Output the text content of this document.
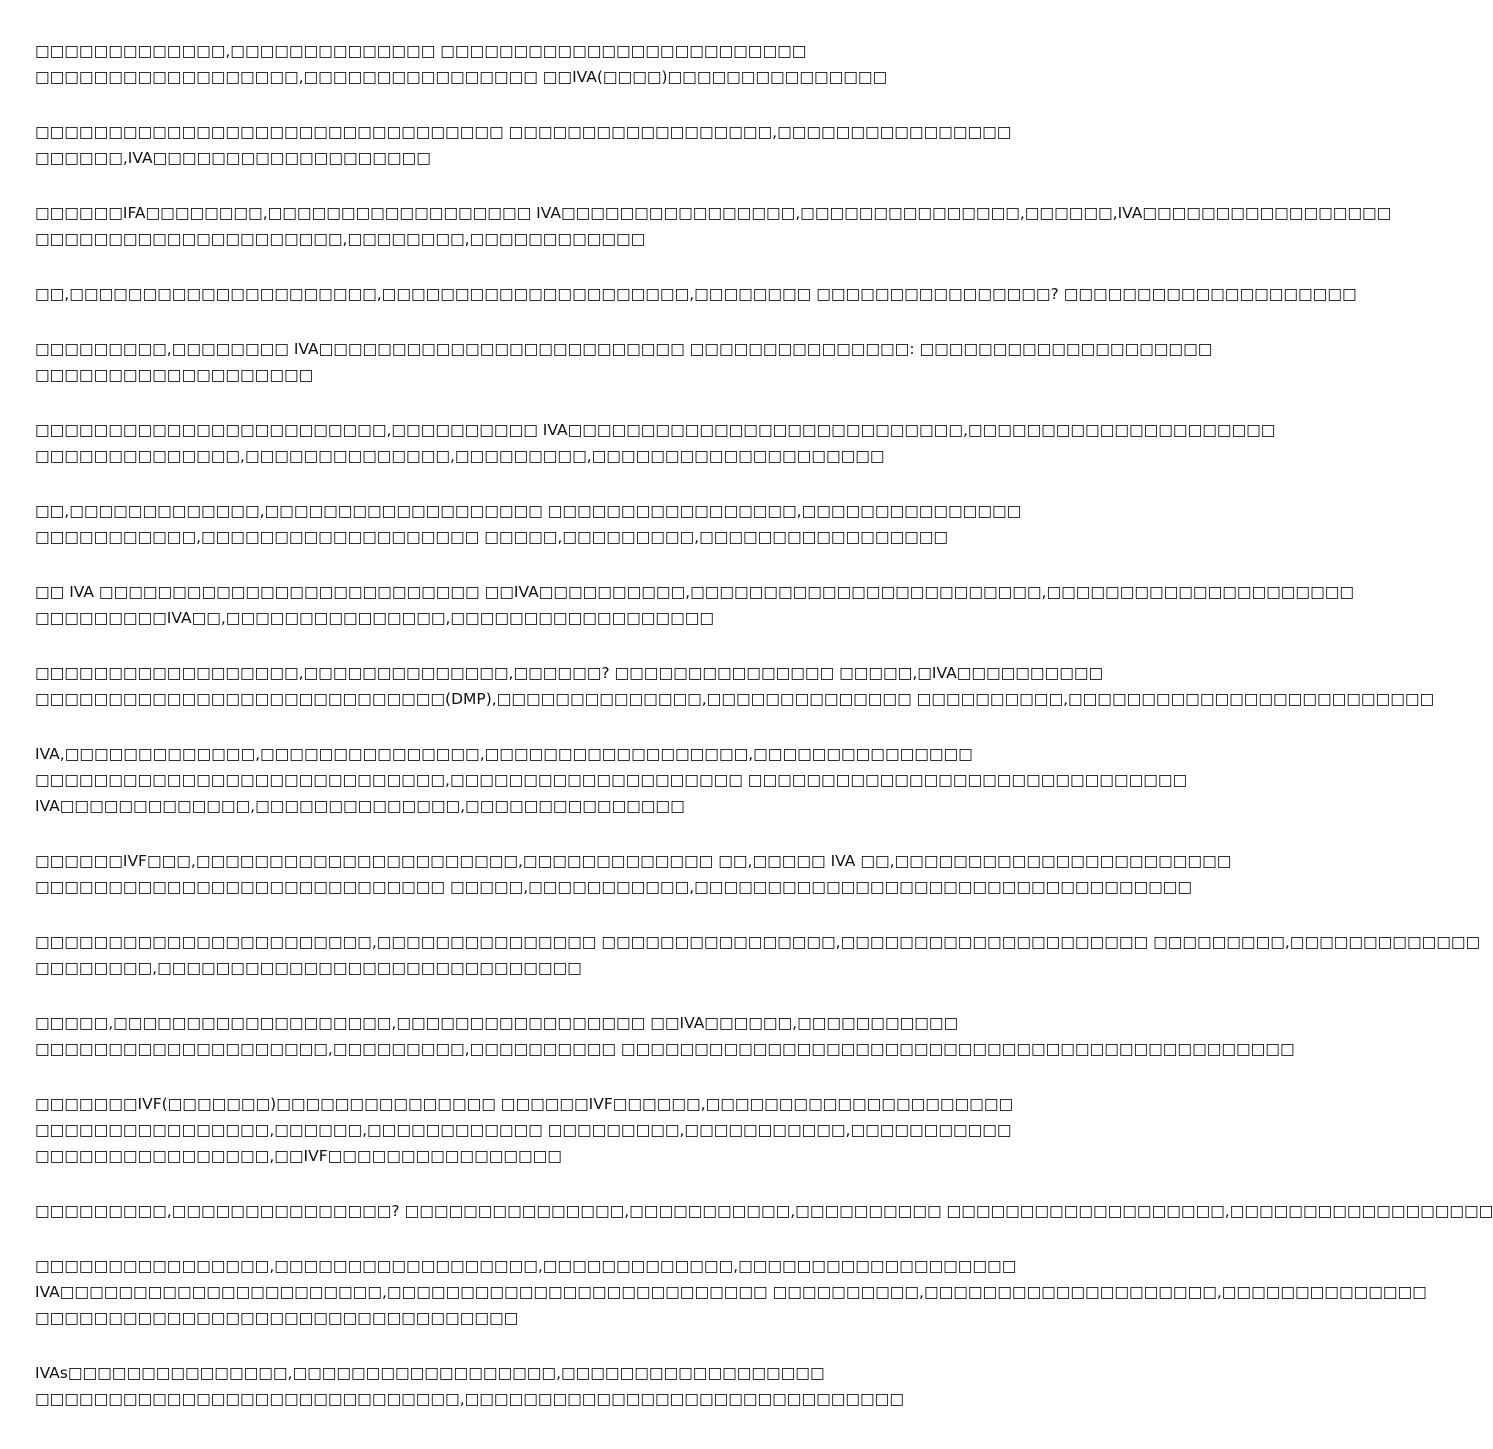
□□□□□□□□□□□□□,□□□□□□□□□□□□□□ □□□□□□□□□□□□□□□□□□□□□□□□□
□□□□□□□□□□□□□□□□□□,□□□□□□□□□□□□□□□□ □□IVA(□□□□)□□□□□□□□□□□□□□□
□□□□□□□□□□□□□□□□□□□□□□□□□□□□□□□□ □□□□□□□□□□□□□□□□□□,□□□□□□□□□□□□□□□□
□□□□□□,IVA□□□□□□□□□□□□□□□□□□□
□□□□□□IFA□□□□□□□□,□□□□□□□□□□□□□□□□□□ IVA□□□□□□□□□□□□□□□□,□□□□□□□□□□□□□□□,□□□□□□,IVA□□□□□□□□□□□□□□□□□
□□□□□□□□□□□□□□□□□□□□□,□□□□□□□□,□□□□□□□□□□□□
□□,□□□□□□□□□□□□□□□□□□□□□,□□□□□□□□□□□□□□□□□□□□□,□□□□□□□□ □□□□□□□□□□□□□□□□? □□□□□□□□□□□□□□□□□□□□
□□□□□□□□□,□□□□□□□□ IVA□□□□□□□□□□□□□□□□□□□□□□□□□ □□□□□□□□□□□□□□□: □□□□□□□□□□□□□□□□□□□□
□□□□□□□□□□□□□□□□□□□
□□□□□□□□□□□□□□□□□□□□□□□□,□□□□□□□□□□ IVA□□□□□□□□□□□□□□□□□□□□□□□□□□□,□□□□□□□□□□□□□□□□□□□□□
□□□□□□□□□□□□□□,□□□□□□□□□□□□□□,□□□□□□□□□,□□□□□□□□□□□□□□□□□□□□
□□,□□□□□□□□□□□□□,□□□□□□□□□□□□□□□□□□□ □□□□□□□□□□□□□□□□□,□□□□□□□□□□□□□□□
□□□□□□□□□□□,□□□□□□□□□□□□□□□□□□□ □□□□□,□□□□□□□□□,□□□□□□□□□□□□□□□□□
□□ IVA □□□□□□□□□□□□□□□□□□□□□□□□□□ □□IVA□□□□□□□□□□,□□□□□□□□□□□□□□□□□□□□□□□□,□□□□□□□□□□□□□□□□□□□□□
□□□□□□□□□IVA□□,□□□□□□□□□□□□□□□,□□□□□□□□□□□□□□□□□□
□□□□□□□□□□□□□□□□□□,□□□□□□□□□□□□□□,□□□□□□? □□□□□□□□□□□□□□□ □□□□□,□IVA□□□□□□□□□□
□□□□□□□□□□□□□□□□□□□□□□□□□□□□(DMP),□□□□□□□□□□□□□□,□□□□□□□□□□□□□□ □□□□□□□□□□,□□□□□□□□□□□□□□□□□□□□□□□□□
IVA,□□□□□□□□□□□□□,□□□□□□□□□□□□□□□,□□□□□□□□□□□□□□□□□□,□□□□□□□□□□□□□□□
□□□□□□□□□□□□□□□□□□□□□□□□□□□□,□□□□□□□□□□□□□□□□□□□□ □□□□□□□□□□□□□□□□□□□□□□□□□□□□□□
IVA□□□□□□□□□□□□□,□□□□□□□□□□□□□□,□□□□□□□□□□□□□□□
□□□□□□IVF□□□,□□□□□□□□□□□□□□□□□□□□□□,□□□□□□□□□□□□□ □□,□□□□□ IVA □□,□□□□□□□□□□□□□□□□□□□□□□□
□□□□□□□□□□□□□□□□□□□□□□□□□□□□ □□□□□,□□□□□□□□□□□,□□□□□□□□□□□□□□□□□□□□□□□□□□□□□□□□□□
□□□□□□□□□□□□□□□□□□□□□□□,□□□□□□□□□□□□□□□ □□□□□□□□□□□□□□□□,□□□□□□□□□□□□□□□□□□□□□ □□□□□□□□□,□□□□□□□□□□□□□
□□□□□□□□,□□□□□□□□□□□□□□□□□□□□□□□□□□□□□
□□□□□,□□□□□□□□□□□□□□□□□□□,□□□□□□□□□□□□□□□□□ □□IVA□□□□□□,□□□□□□□□□□□
□□□□□□□□□□□□□□□□□□□□,□□□□□□□□□,□□□□□□□□□□ □□□□□□□□□□□□□□□□□□□□□□□□□□□□□□□□□□□□□□□□□□□□□□
□□□□□□□IVF(□□□□□□□)□□□□□□□□□□□□□□□ □□□□□□IVF□□□□□□,□□□□□□□□□□□□□□□□□□□□□
□□□□□□□□□□□□□□□□,□□□□□□,□□□□□□□□□□□□ □□□□□□□□□,□□□□□□□□□□□,□□□□□□□□□□□
□□□□□□□□□□□□□□□□,□□IVF□□□□□□□□□□□□□□□□
□□□□□□□□□,□□□□□□□□□□□□□□□? □□□□□□□□□□□□□□□,□□□□□□□□□□□,□□□□□□□□□□ □□□□□□□□□□□□□□□□□□□,□□□□□□□□□□□□□□□□□□
□□□□□□□□□□□□□□□□,□□□□□□□□□□□□□□□□□□,□□□□□□□□□□□□□,□□□□□□□□□□□□□□□□□□□
IVA□□□□□□□□□□□□□□□□□□□□□□,□□□□□□□□□□□□□□□□□□□□□□□□□□ □□□□□□□□□□,□□□□□□□□□□□□□□□□□□□□,□□□□□□□□□□□□□□
□□□□□□□□□□□□□□□□□□□□□□□□□□□□□□□□□
IVAs□□□□□□□□□□□□□□□,□□□□□□□□□□□□□□□□□□,□□□□□□□□□□□□□□□□□□
□□□□□□□□□□□□□□□□□□□□□□□□□□□□□,□□□□□□□□□□□□□□□□□□□□□□□□□□□□□□
